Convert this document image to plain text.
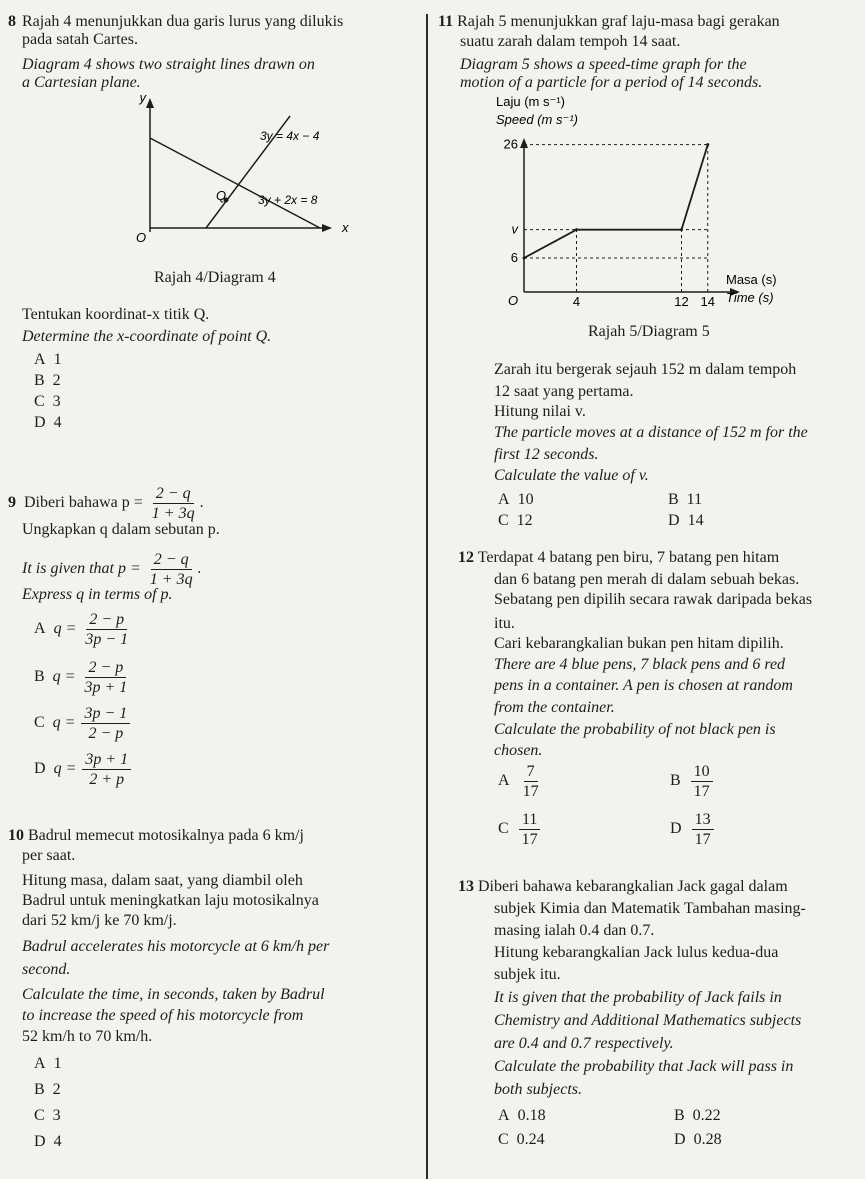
8 Rajah 4 menunjukkan dua garis lurus yang dilukis
pada satah Cartes.
Diagram 4 shows two straight lines drawn on
a Cartesian plane.
y
x
O
Q
3y = 4x − 4
3y + 2x = 8
Rajah 4/Diagram 4
Tentukan koordinat-x titik Q.
Determine the x-coordinate of point Q.
A 1
B 2
C 3
D 4
9 Diberi bahawa $p = \frac{2 - q}{1 + 3q}$ .
Ungkapkan q dalam sebutan p.
It is given that $p = \frac{2 - q}{1 + 3q}$ .
Express q in terms of p.
A $q = \frac{2 - p}{3p - 1}$
B $q = \frac{2 - p}{3p + 1}$
C $q = \frac{3p - 1}{2 - p}$
D $q = \frac{3p + 1}{2 + p}$
10 Badrul memecut motosikalnya pada 6 km/j
per saat.
Hitung masa, dalam saat, yang diambil oleh
Badrul untuk meningkatkan laju motosikalnya
dari 52 km/j ke 70 km/j.
Badrul accelerates his motorcycle at 6 km/h per
second.
Calculate the time, in seconds, taken by Badrul
to increase the speed of his motorcycle from
52 km/h to 70 km/h.
A 1
B 2
C 3
D 4
11 Rajah 5 menunjukkan graf laju-masa bagi gerakan
suatu zarah dalam tempoh 14 saat.
Diagram 5 shows a speed-time graph for the
motion of a particle for a period of 14 seconds.
Laju (m s⁻¹)
Speed (m s⁻¹)
Masa (s)
Time (s)
O
26
v
6
4	12 14
Rajah 5/Diagram 5
Zarah itu bergerak sejauh 152 m dalam tempoh
12 saat yang pertama.
Hitung nilai v.
The particle moves at a distance of 152 m for the
first 12 seconds.
Calculate the value of v.
A 10	B 11
C 12	D 14
12 Terdapat 4 batang pen biru, 7 batang pen hitam
dan 6 batang pen merah di dalam sebuah bekas.
Sebatang pen dipilih secara rawak daripada bekas
itu.
Cari kebarangkalian bukan pen hitam dipilih.
There are 4 blue pens, 7 black pens and 6 red
pens in a container. A pen is chosen at random
from the container.
Calculate the probability of not black pen is
chosen.
A $\frac{7}{17}$	B $\frac{10}{17}$
C $\frac{11}{17}$	D $\frac{13}{17}$
13 Diberi bahawa kebarangkalian Jack gagal dalam
subjek Kimia dan Matematik Tambahan masing-
masing ialah 0.4 dan 0.7.
Hitung kebarangkalian Jack lulus kedua-dua
subjek itu.
It is given that the probability of Jack fails in
Chemistry and Additional Mathematics subjects
are 0.4 and 0.7 respectively.
Calculate the probability that Jack will pass in
both subjects.
A 0.18	B 0.22
C 0.24	D 0.28
